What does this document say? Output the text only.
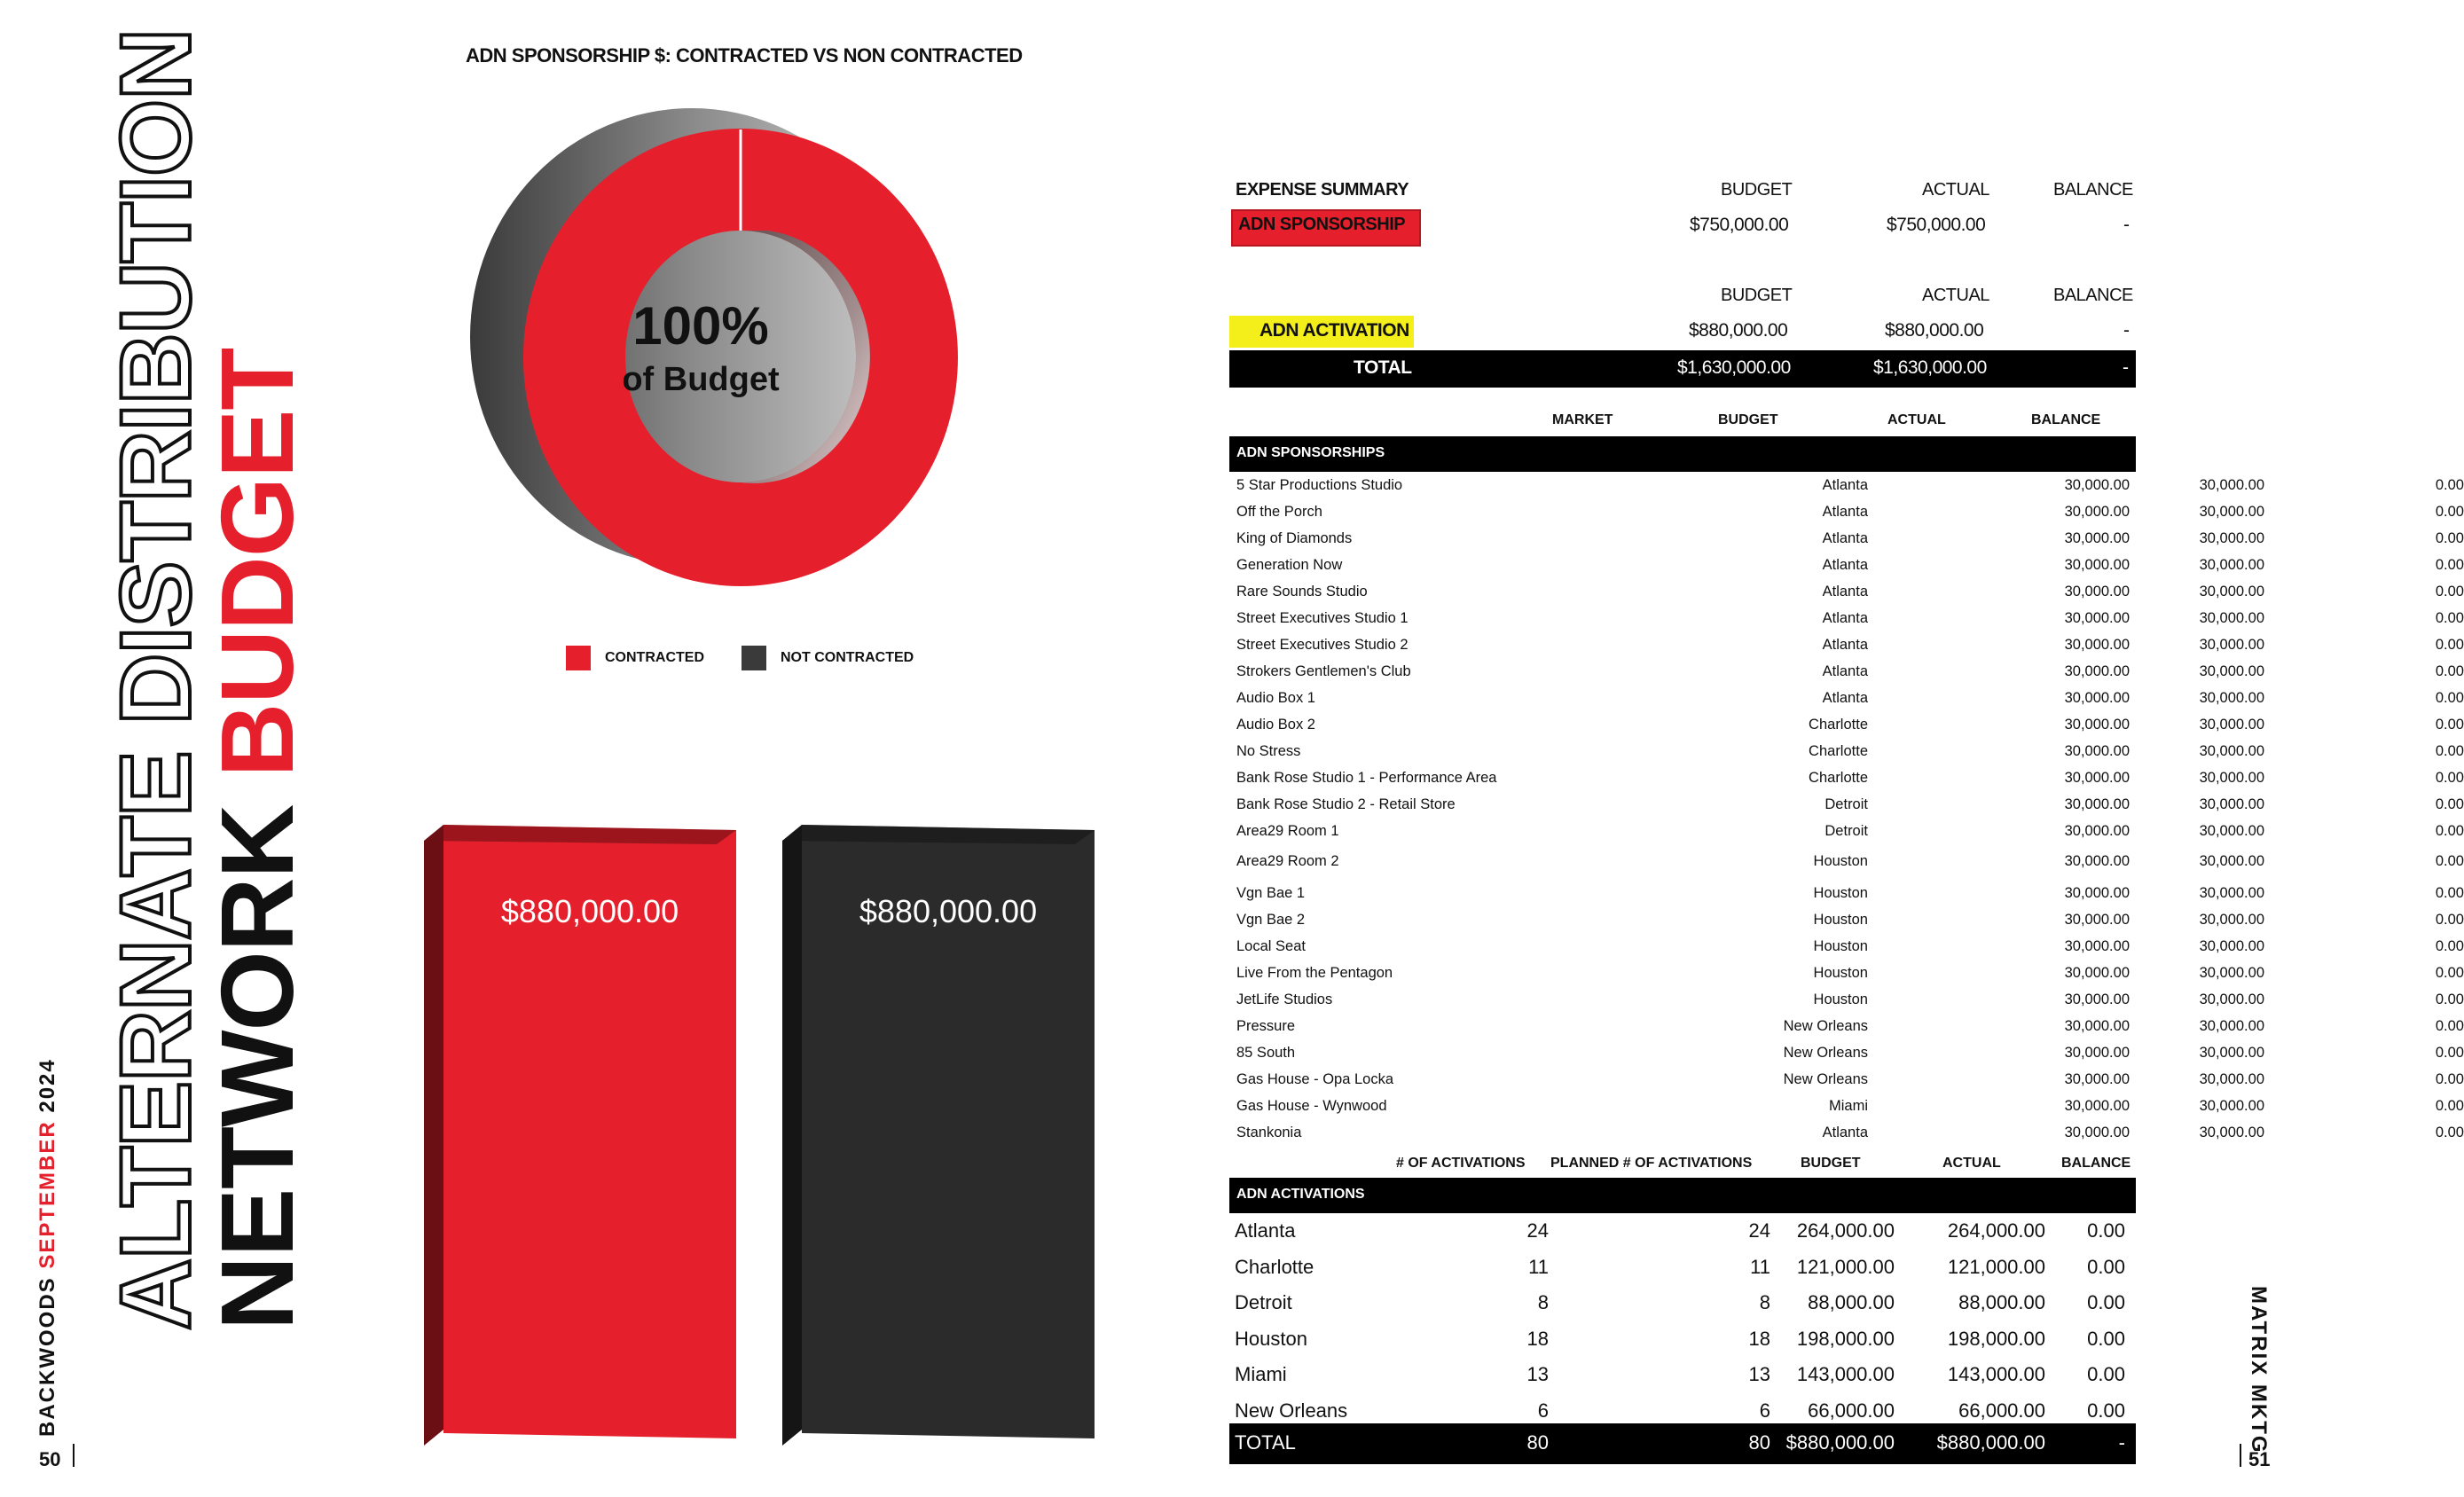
BACKWOODS SEPTEMBER 2024
50
ALTERNATE DISTRIBUTION
NETWORK BUDGET
ADN SPONSORSHIP $: CONTRACTED VS NON CONTRACTED
100%
of Budget
CONTRACTED	NOT CONTRACTED
$880,000.00	$880,000.00
MATRIX MKTG
51
EXPENSE SUMMARY	BUDGET	ACTUAL	BALANCE
ADN SPONSORSHIP	$750,000.00	$750,000.00	-
BUDGET	ACTUAL	BALANCE
ADN ACTIVATION	$880,000.00	$880,000.00	-
TOTAL	$1,630,000.00	$1,630,000.00	-
MARKET	BUDGET	ACTUAL	BALANCE
ADN SPONSORSHIPS
5 Star Productions Studio	Atlanta	30,000.00	30,000.00	0.00
Off the Porch	Atlanta	30,000.00	30,000.00	0.00
King of Diamonds	Atlanta	30,000.00	30,000.00	0.00
Generation Now	Atlanta	30,000.00	30,000.00	0.00
Rare Sounds Studio	Atlanta	30,000.00	30,000.00	0.00
Street Executives Studio 1	Atlanta	30,000.00	30,000.00	0.00
Street Executives Studio 2	Atlanta	30,000.00	30,000.00	0.00
Strokers Gentlemen's Club	Atlanta	30,000.00	30,000.00	0.00
Audio Box 1	Atlanta	30,000.00	30,000.00	0.00
Audio Box 2	Charlotte	30,000.00	30,000.00	0.00
No Stress	Charlotte	30,000.00	30,000.00	0.00
Bank Rose Studio 1 - Performance Area	Charlotte	30,000.00	30,000.00	0.00
Bank Rose Studio 2 - Retail Store	Detroit	30,000.00	30,000.00	0.00
Area29 Room 1	Detroit	30,000.00	30,000.00	0.00
Area29 Room 2	Houston	30,000.00	30,000.00	0.00
Vgn Bae 1	Houston	30,000.00	30,000.00	0.00
Vgn Bae 2	Houston	30,000.00	30,000.00	0.00
Local Seat	Houston	30,000.00	30,000.00	0.00
Live From the Pentagon	Houston	30,000.00	30,000.00	0.00
JetLife Studios	Houston	30,000.00	30,000.00	0.00
Pressure	New Orleans	30,000.00	30,000.00	0.00
85 South	New Orleans	30,000.00	30,000.00	0.00
Gas House - Opa Locka	New Orleans	30,000.00	30,000.00	0.00
Gas House - Wynwood	Miami	30,000.00	30,000.00	0.00
Stankonia	Atlanta	30,000.00	30,000.00	0.00
# OF ACTIVATIONS PLANNED # OF ACTIVATIONS	BUDGET	ACTUAL	BALANCE
ADN ACTIVATIONS
Atlanta	24	24	264,000.00	264,000.00	0.00
Charlotte	11	11	121,000.00	121,000.00	0.00
Detroit	8	8	88,000.00	88,000.00	0.00
Houston	18	18	198,000.00	198,000.00	0.00
Miami	13	13	143,000.00	143,000.00	0.00
New Orleans	6	6	66,000.00	66,000.00	0.00
TOTAL	80	80 $880,000.00	$880,000.00	-
